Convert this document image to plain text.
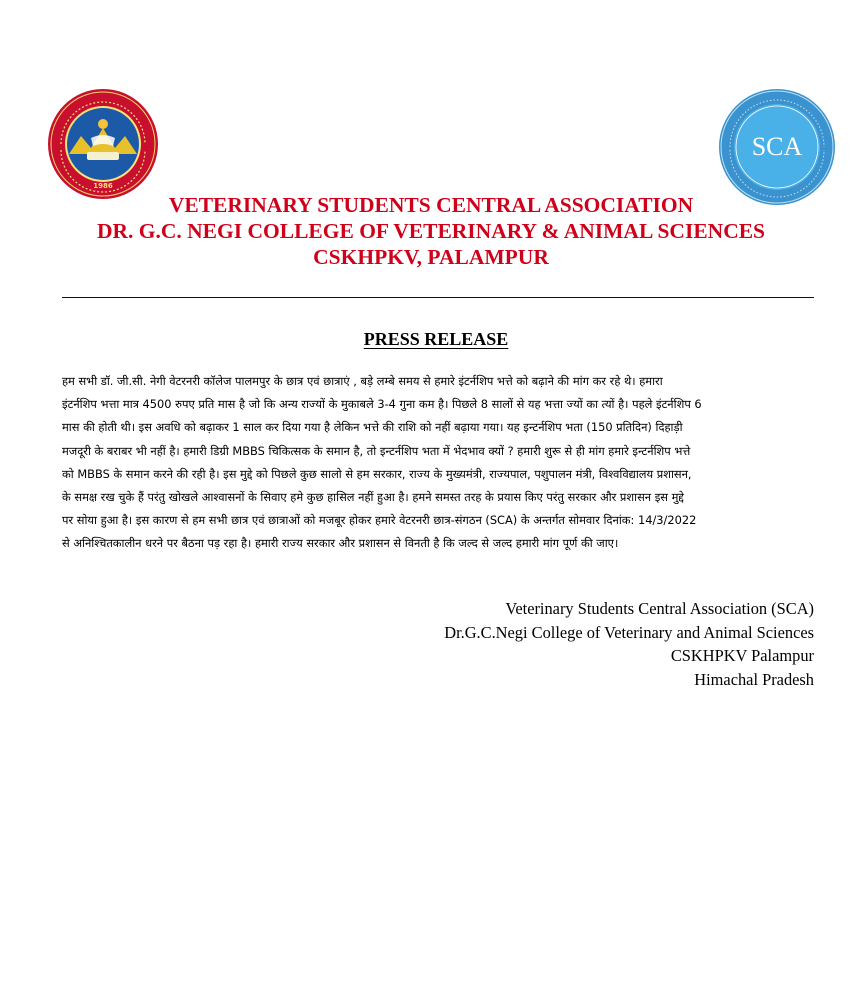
1986
SCA
VETERINARY STUDENTS CENTRAL ASSOCIATION
DR. G.C. NEGI COLLEGE OF VETERINARY & ANIMAL SCIENCES
CSKHPKV, PALAMPUR
PRESS RELEASE
हम सभी डॉ. जी.सी. नेगी वेटरनरी कॉलेज पालमपुर के छात्र एवं छात्राएं , बड़े लम्बे समय से हमारे इंटर्नशिप भत्ते को बढ़ाने की मांग कर रहे थे। हमारा
इंटर्नशिप भत्ता मात्र 4500 रुपए प्रति मास है जो कि अन्य राज्यों के मुकाबले 3-4 गुना कम है। पिछले 8 सालों से यह भत्ता ज्यों का त्यों है। पहले इंटर्नशिप 6
मास की होती थी। इस अवधि को बढ़ाकर 1 साल कर दिया गया है लेकिन भत्ते की राशि को नहीं बढ़ाया गया। यह इन्टर्नशिप भता (150 प्रतिदिन) दिहाड़ी
मजदूरी के बराबर भी नहीं है। हमारी डिग्री MBBS चिकित्सक के समान है, तो इन्टर्नशिप भता में भेदभाव क्यों ? हमारी शुरू से ही मांग हमारे इन्टर्नशिप भत्ते
को MBBS के समान करने की रही है। इस मुद्दे को पिछले कुछ सालो से हम सरकार, राज्य के मुख्यमंत्री, राज्यपाल, पशुपालन मंत्री, विश्वविद्यालय प्रशासन,
के समक्ष रख चुके हैं परंतु खोखले आश्वासनों के सिवाए हमे कुछ हासिल नहीं हुआ है। हमने समस्त तरह के प्रयास किए परंतु सरकार और प्रशासन इस मुद्दे
पर सोया हुआ है। इस कारण से हम सभी छात्र एवं छात्राओं को मजबूर होकर हमारे वेटरनरी छात्र-संगठन (SCA) के अन्तर्गत सोमवार दिनांक: 14/3/2022
से अनिश्चितकालीन धरने पर बैठना पड़ रहा है। हमारी राज्य सरकार और प्रशासन से विनती है कि जल्द से जल्द हमारी मांग पूर्ण की जाए।
Veterinary Students Central Association (SCA)
Dr.G.C.Negi College of Veterinary and Animal Sciences
CSKHPKV Palampur
Himachal Pradesh
